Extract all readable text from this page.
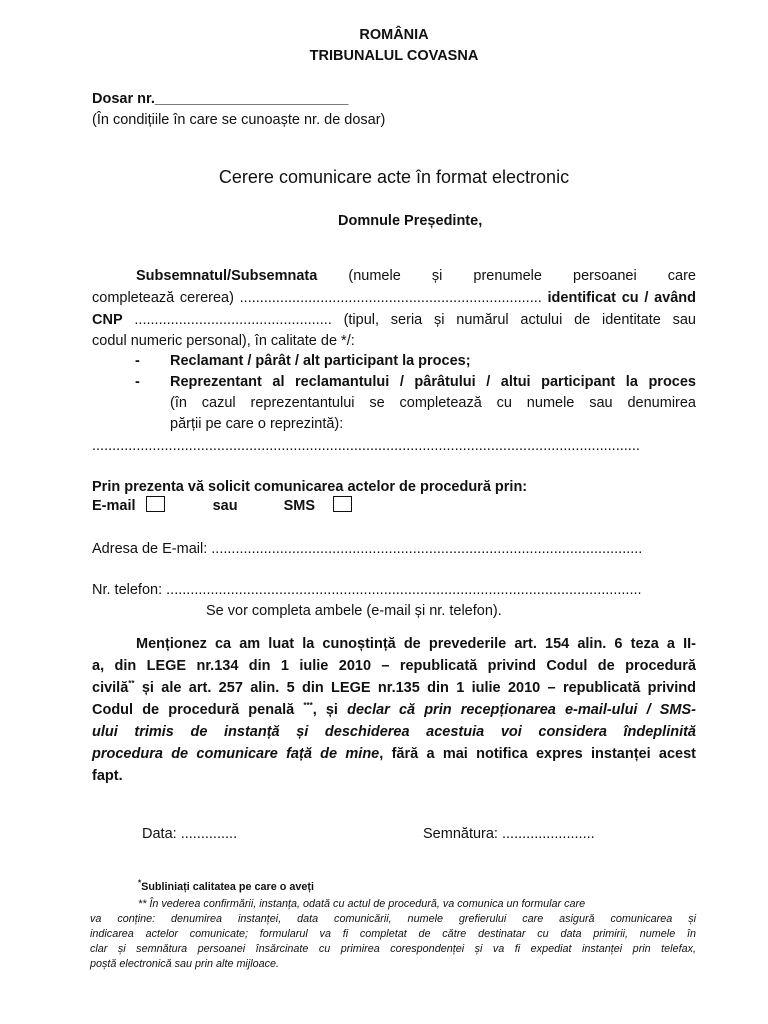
ROMÂNIA
TRIBUNALUL COVASNA
Dosar nr.________________________
(În condițiile în care se cunoaște nr. de dosar)
Cerere comunicare acte în format electronic
Domnule Președinte,
Subsemnatul/Subsemnata (numele și prenumele persoanei care
completează cererea) ........................................................................... identificat cu / având
CNP ................................................. (tipul, seria și numărul actului de identitate sau
codul numeric personal), în calitate de */:
- Reclamant / pârât / alt participant la proces;
- Reprezentant al reclamantului / pârâtului / altui participant la proces
(în cazul reprezentantului se completează cu numele sau denumirea
părții pe care o reprezintă):
........................................................................................................................................
Prin prezenta vă solicit comunicarea actelor de procedură prin:
E-mail	sau	SMS
Adresa de E-mail: ...........................................................................................................
Nr. telefon: ......................................................................................................................
Se vor completa ambele (e-mail și nr. telefon).
Menționez ca am luat la cunoștință de prevederile art. 154 alin. 6 teza a II-
a, din LEGE nr.134 din 1 iulie 2010 – republicată privind Codul de procedură
civilă** și ale art. 257 alin. 5 din LEGE nr.135 din 1 iulie 2010 – republicată privind
Codul de procedură penală ***, și declar că prin recepționarea e-mail-ului / SMS-
ului trimis de instanță și deschiderea acestuia voi considera îndeplinită
procedura de comunicare față de mine, fără a mai notifica expres instanței acest
fapt.
Data: ..............	Semnătura: .......................
*Subliniați calitatea pe care o aveți
** În vederea confirmării, instanța, odată cu actul de procedură, va comunica un formular care
va conține: denumirea instanței, data comunicării, numele grefierului care asigură comunicarea și
indicarea actelor comunicate; formularul va fi completat de către destinatar cu data primirii, numele în
clar și semnătura persoanei însărcinate cu primirea corespondenței și va fi expediat instanței prin telefax,
poștă electronică sau prin alte mijloace.
